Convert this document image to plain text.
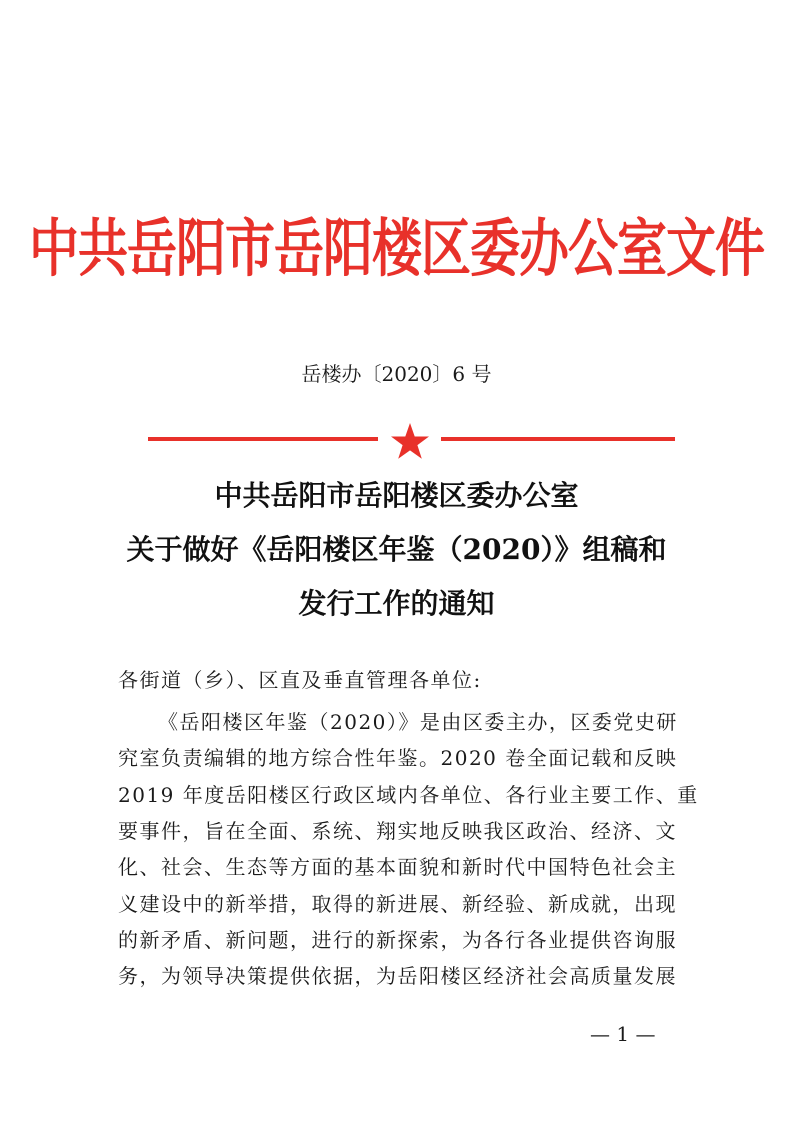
中共岳阳市岳阳楼区委办公室文件
岳楼办〔2020〕6 号
中共岳阳市岳阳楼区委办公室
关于做好《岳阳楼区年鉴（2020）》组稿和
发行工作的通知
各街道（乡）、区直及垂直管理各单位:
《岳阳楼区年鉴（2020）》是由区委主办，区委党史研
究室负责编辑的地方综合性年鉴。2020 卷全面记载和反映
2019 年度岳阳楼区行政区域内各单位、各行业主要工作、重
要事件，旨在全面、系统、翔实地反映我区政治、经济、文
化、社会、生态等方面的基本面貌和新时代中国特色社会主
义建设中的新举措，取得的新进展、新经验、新成就，出现
的新矛盾、新问题，进行的新探索，为各行各业提供咨询服
务，为领导决策提供依据，为岳阳楼区经济社会高质量发展
— 1 —
